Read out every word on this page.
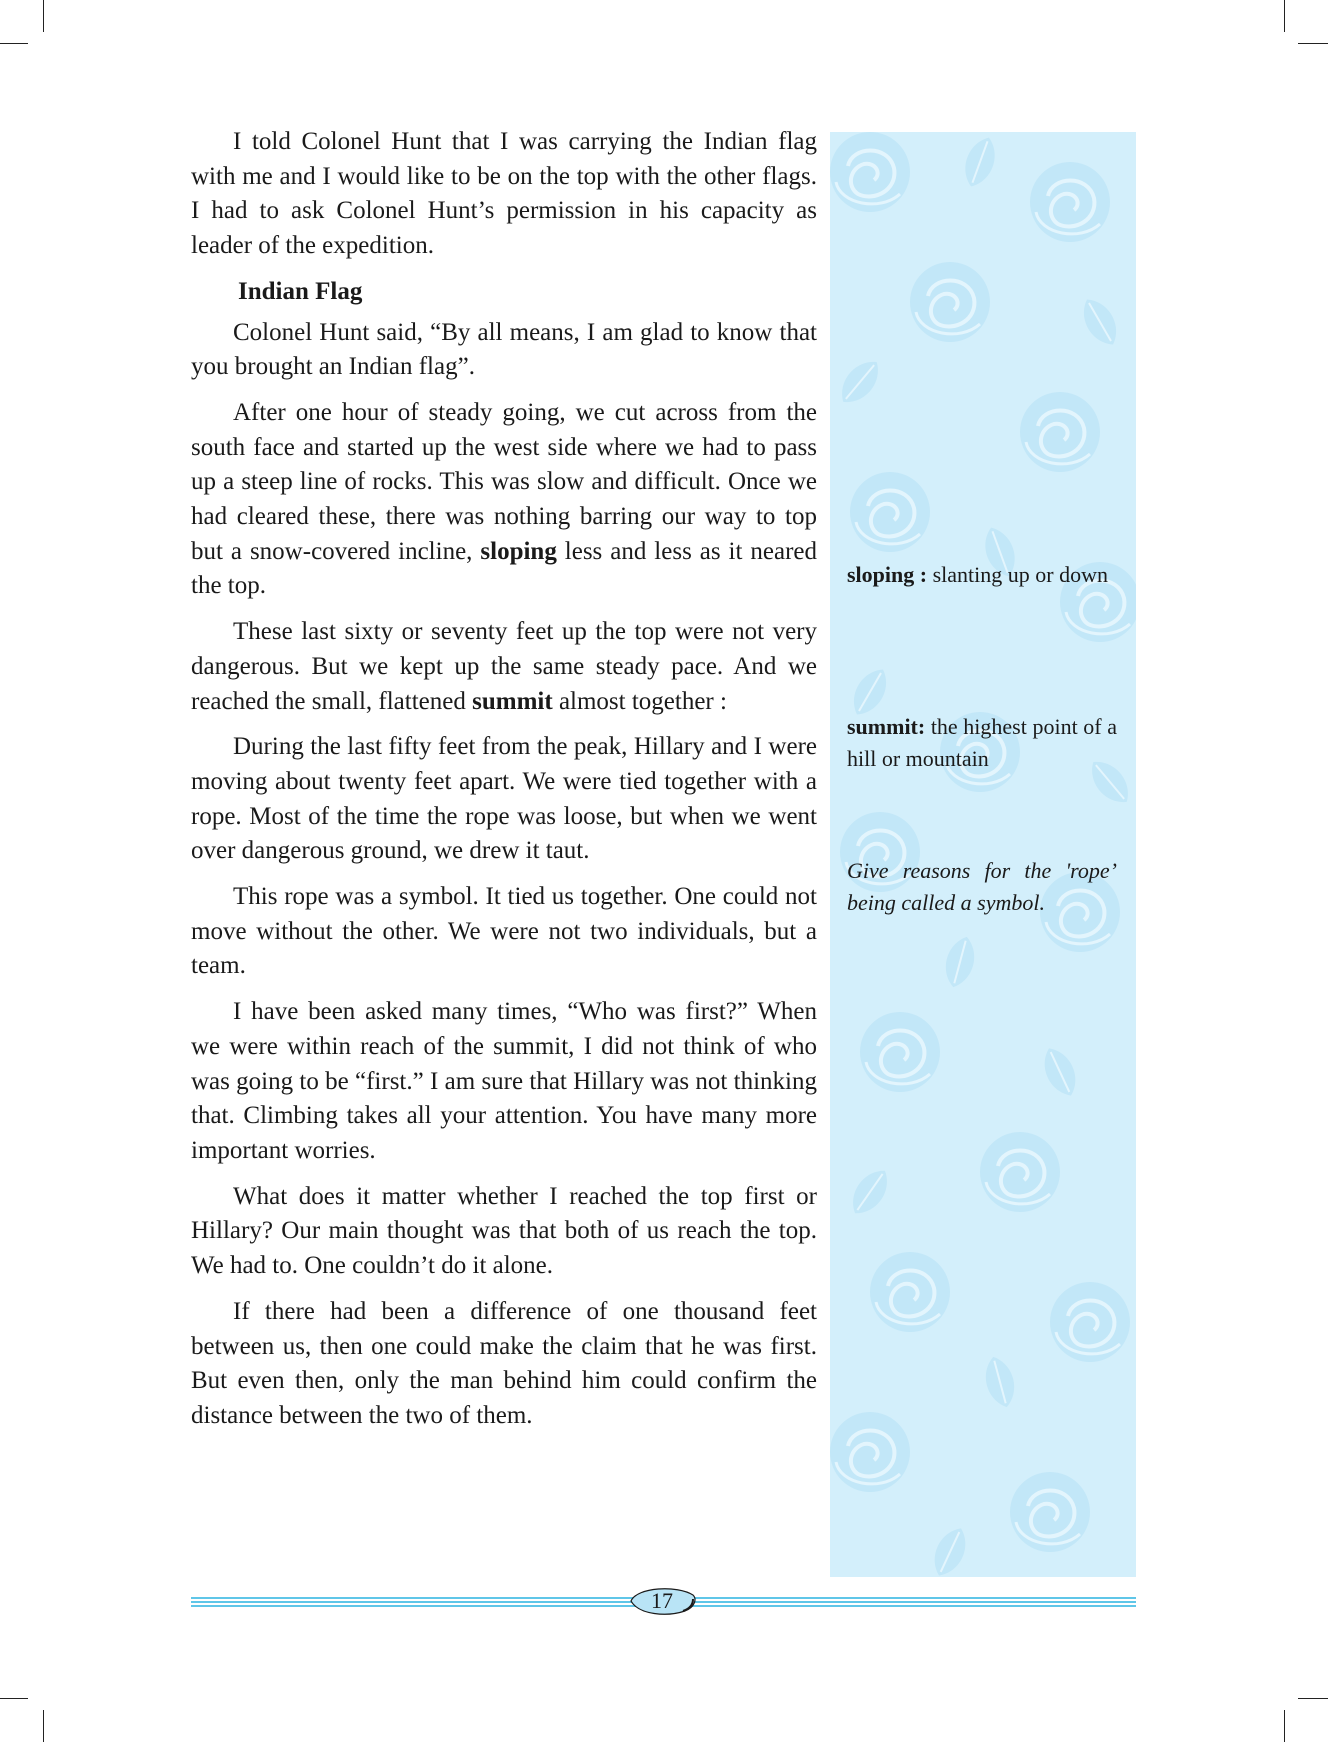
I told Colonel Hunt that I was carrying the Indian flag with me and I would like to be on the top with the other flags. I had to ask Colonel Hunt’s permission in his capacity as leader of the expedition.

Indian Flag

Colonel Hunt said, “By all means, I am glad to know that you brought an Indian flag”.

After one hour of steady going, we cut across from the south face and started up the west side where we had to pass up a steep line of rocks. This was slow and difficult. Once we had cleared these, there was nothing barring our way to top but a snow-covered incline, sloping less and less as it neared the top.

These last sixty or seventy feet up the top were not very dangerous. But we kept up the same steady pace. And we reached the small, flattened summit almost together :

During the last fifty feet from the peak, Hillary and I were moving about twenty feet apart. We were tied together with a rope. Most of the time the rope was loose, but when we went over dangerous ground, we drew it taut.

This rope was a symbol. It tied us together. One could not move without the other. We were not two individuals, but a team.

I have been asked many times, “Who was first?” When we were within reach of the summit, I did not think of who was going to be “first.” I am sure that Hillary was not thinking that. Climbing takes all your attention. You have many more important worries.

What does it matter whether I reached the top first or Hillary? Our main thought was that both of us reach the top. We had to. One couldn’t do it alone.

If there had been a difference of one thousand feet between us, then one could make the claim that he was first. But even then, only the man behind him could confirm the distance between the two of them.

sloping : slanting up or down
summit: the highest point of a hill or mountain
Give reasons for the 'rope’ being called a symbol.
17
